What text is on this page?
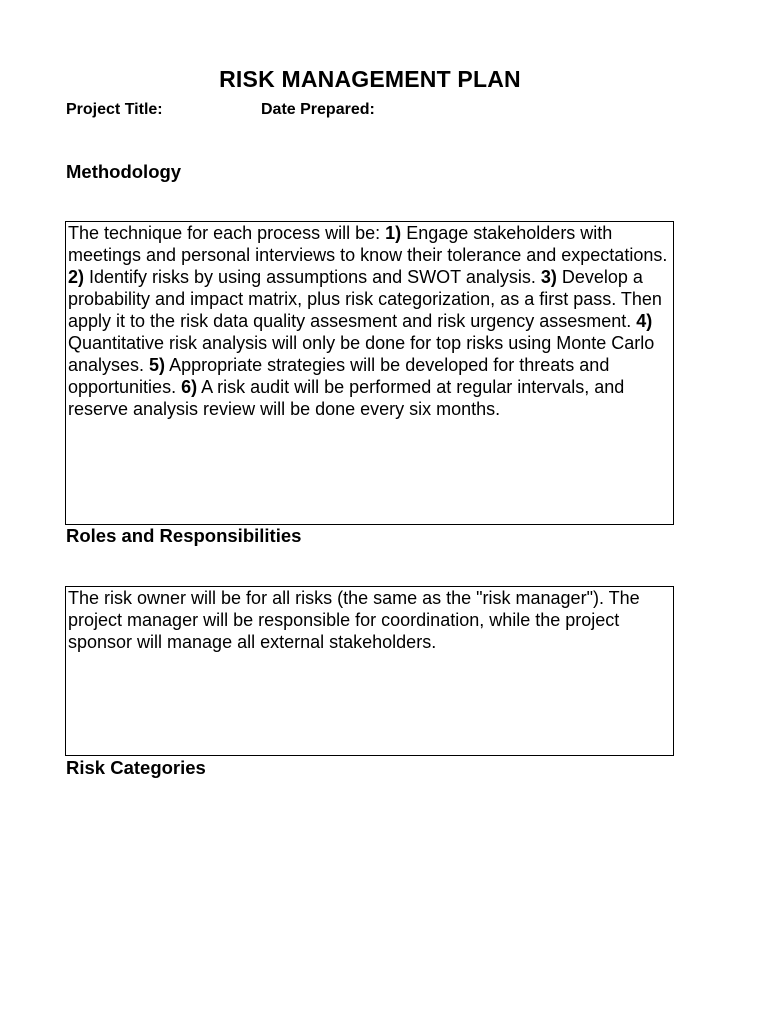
RISK MANAGEMENT PLAN
Project Title:	Date Prepared:
Methodology
The technique for each process will be: 1) Engage stakeholders with meetings and personal interviews to know their tolerance and expectations. 2) Identify risks by using assumptions and SWOT analysis. 3) Develop a probability and impact matrix, plus risk categorization, as a first pass. Then apply it to the risk data quality assesment and risk urgency assesment. 4) Quantitative risk analysis will only be done for top risks using Monte Carlo analyses. 5) Appropriate strategies will be developed for threats and opportunities. 6) A risk audit will be performed at regular intervals, and reserve analysis review will be done every six months.
Roles and Responsibilities
The risk owner will be for all risks (the same as the "risk manager"). The project manager will be responsible for coordination, while the project sponsor will manage all external stakeholders.
Risk Categories
